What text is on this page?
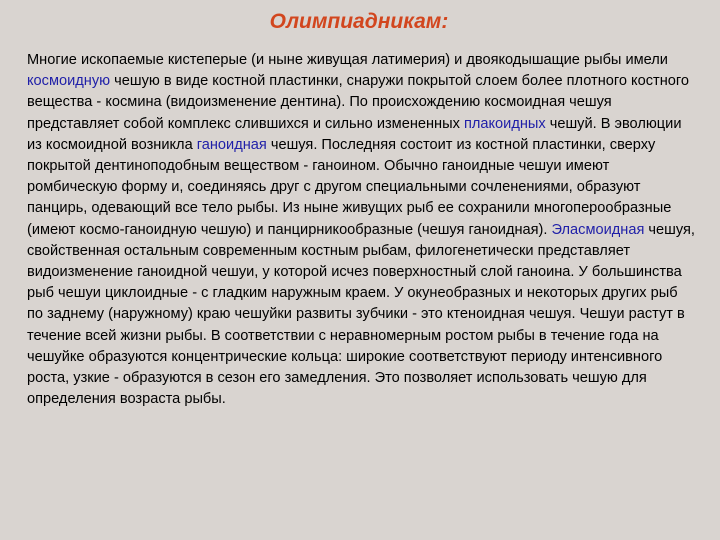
Олимпиадникам:

Многие ископаемые кистеперые (и ныне живущая латимерия) и двоякодышащие рыбы имели космоидную чешую в виде костной пластинки, снаружи покрытой слоем более плотного костного вещества - космина (видоизменение дентина). По происхождению космоидная чешуя представляет собой комплекс слившихся и сильно измененных плакоидных чешуй. В эволюции из космоидной возникла ганоидная чешуя. Последняя состоит из костной пластинки, сверху покрытой дентиноподобным веществом - ганоином. Обычно ганоидные чешуи имеют ромбическую форму и, соединяясь друг с другом специальными сочленениями, образуют панцирь, одевающий все тело рыбы. Из ныне живущих рыб ее сохранили многоперообразные (имеют космо-ганоидную чешую) и панцирникообразные (чешуя ганоидная). Эласмоидная чешуя, свойственная остальным современным костным рыбам, филогенетически представляет видоизменение ганоидной чешуи, у которой исчез поверхностный слой ганоина. У большинства рыб чешуи циклоидные - с гладким наружным краем. У окунеобразных и некоторых других рыб по заднему (наружному) краю чешуйки развиты зубчики - это ктеноидная чешуя. Чешуи растут в течение всей жизни рыбы. В соответствии с неравномерным ростом рыбы в течение года на чешуйке образуются концентрические кольца: широкие соответствуют периоду интенсивного роста, узкие - образуются в сезон его замедления. Это позволяет использовать чешую для определения возраста рыбы.
